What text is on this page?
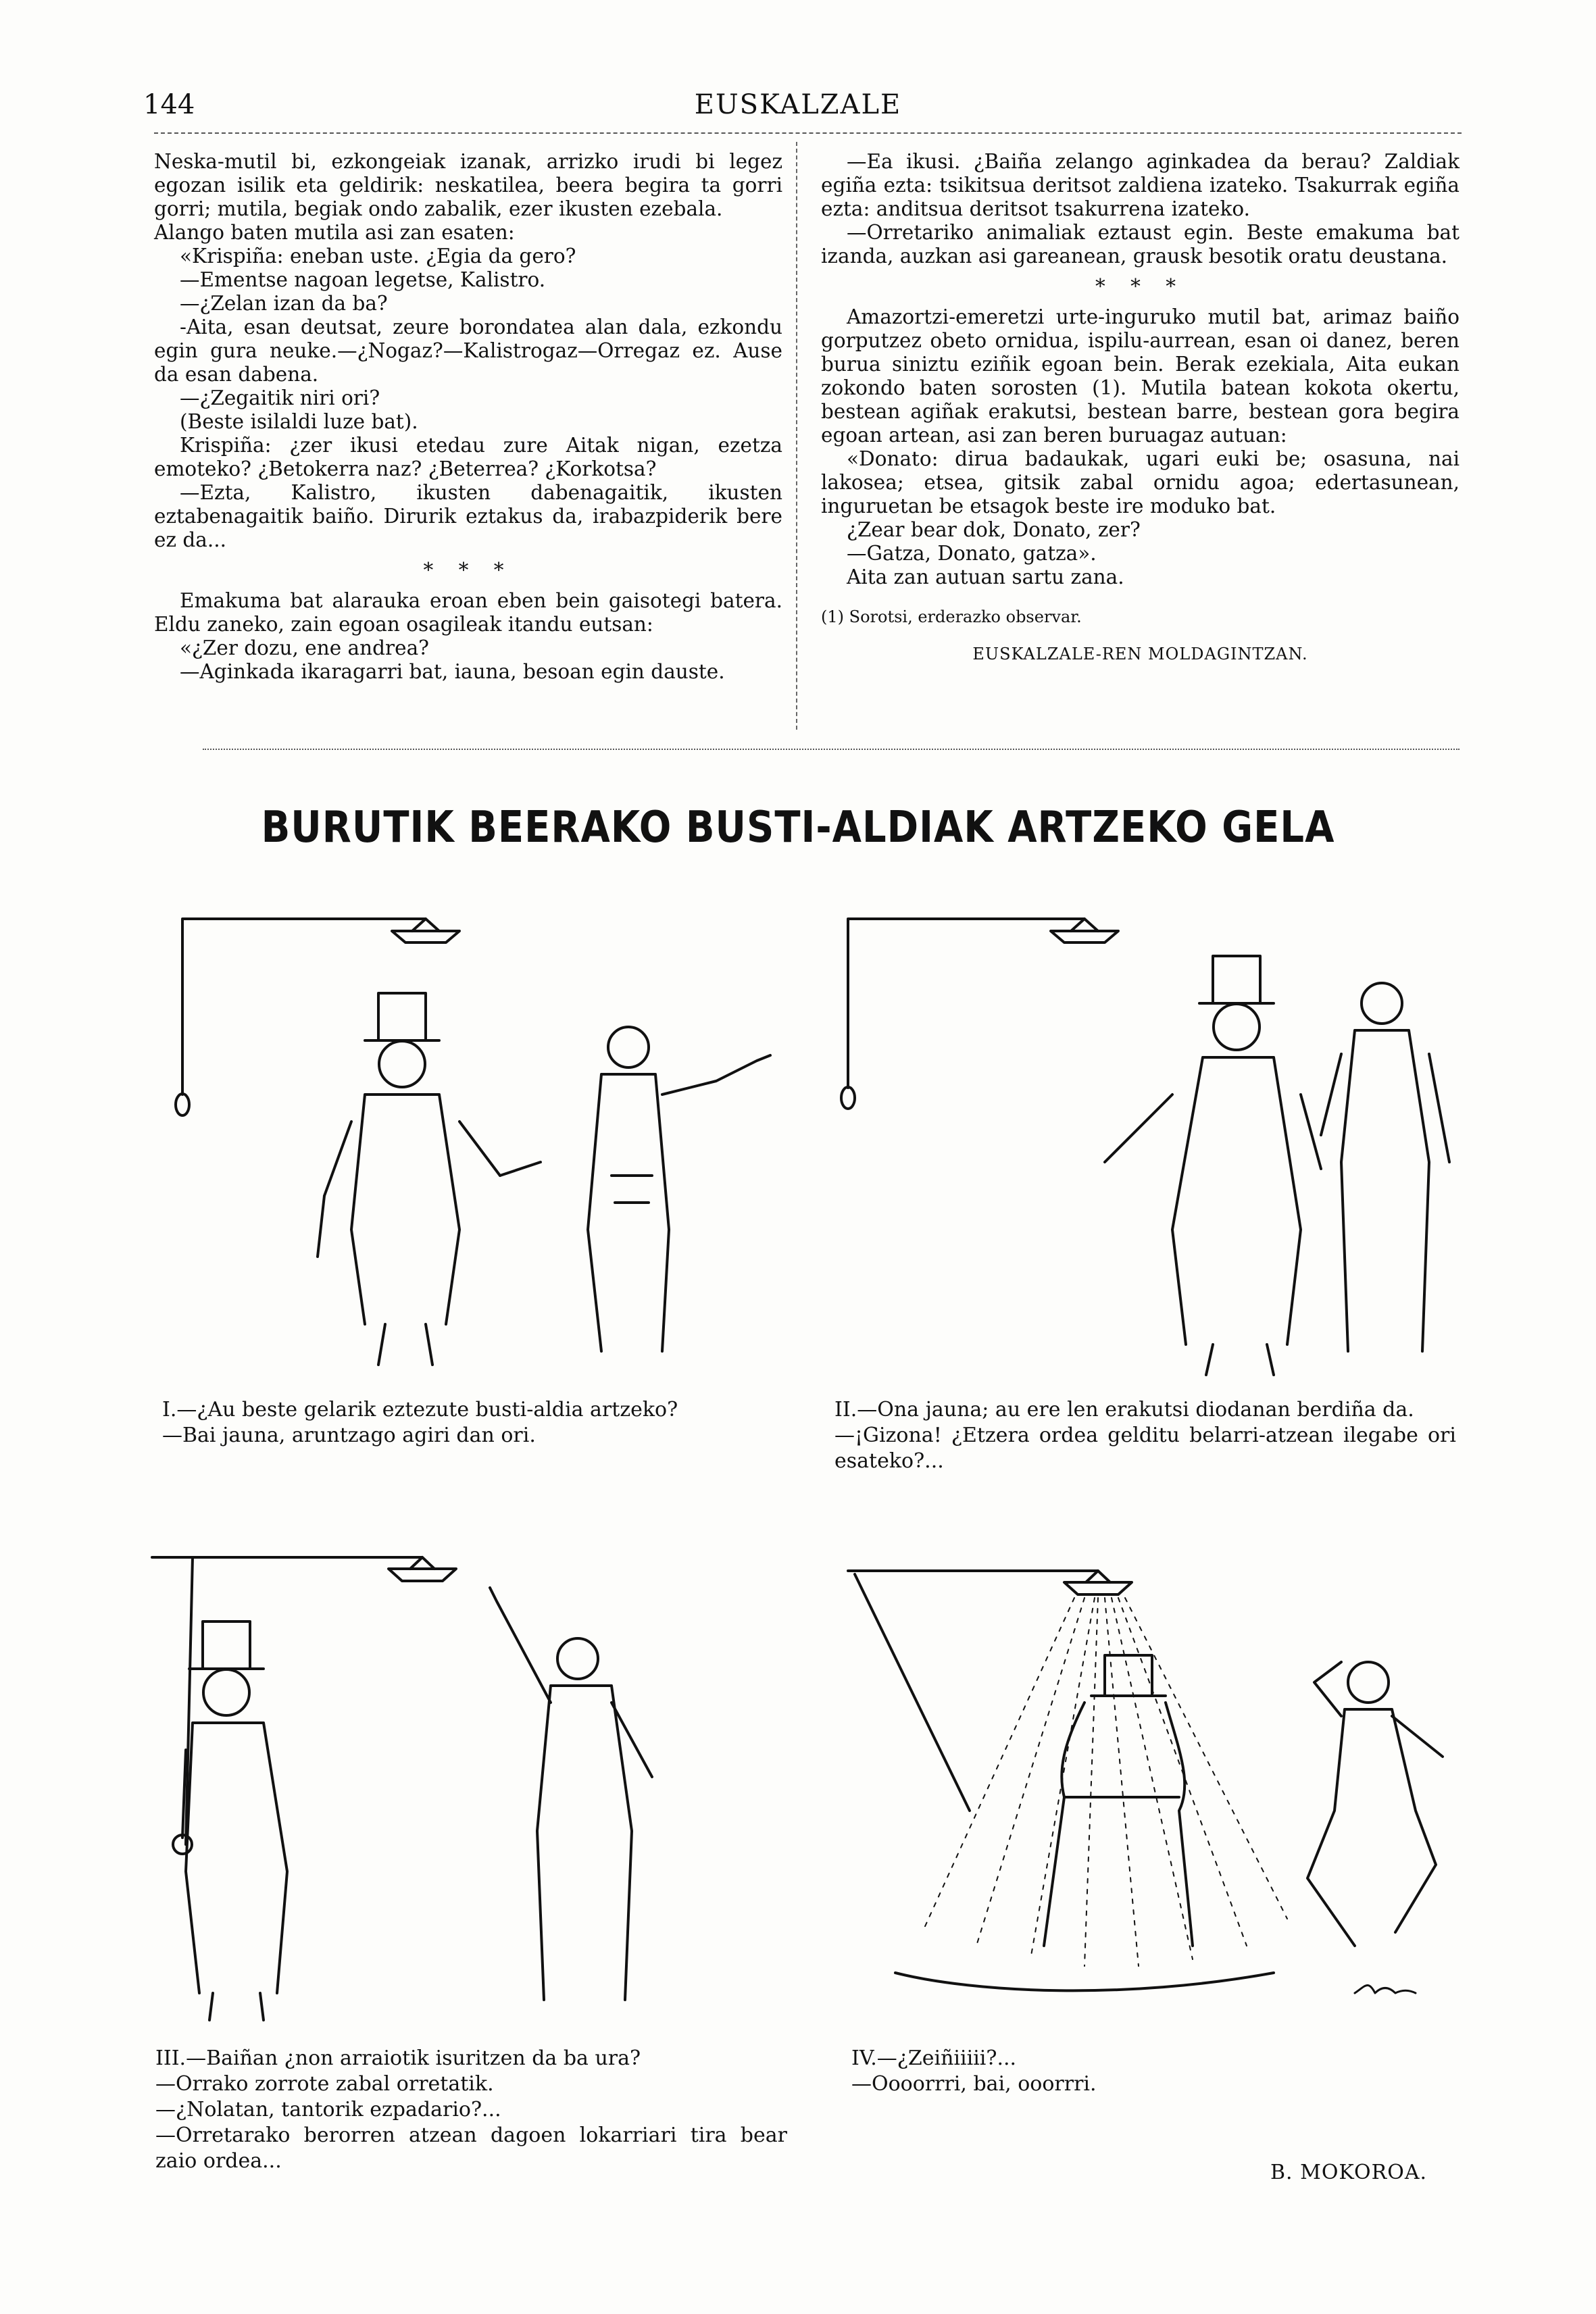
144	EUSKALZALE

Neska-mutil bi, ezkongeiak izanak, arrizko irudi bi legez egozan isilik eta geldirik: neskatilea, beera begira ta gorri gorri; mutila, begiak ondo zabalik, ezer ikusten ezebala.

Alango baten mutila asi zan esaten:

«Krispiña: eneban uste. ¿Egia da gero?

—Ementse nagoan legetse, Kalistro.

—¿Zelan izan da ba?

-Aita, esan deutsat, zeure borondatea alan dala, ezkondu egin gura neuke.—¿Nogaz?—Kalistrogaz—Orregaz ez. Ause da esan dabena.

—¿Zegaitik niri ori?

(Beste isilaldi luze bat).

Krispiña: ¿zer ikusi etedau zure Aitak nigan, ezetza emoteko? ¿Betokerra naz? ¿Beterrea? ¿Korkotsa?

—Ezta, Kalistro, ikusten dabenagaitik, ikusten eztabenagaitik baiño. Dirurik eztakus da, irabazpiderik bere ez da...

* * *

Emakuma bat alarauka eroan eben bein gaisotegi batera. Eldu zaneko, zain egoan osagileak itandu eutsan:

«¿Zer dozu, ene andrea?

—Aginkada ikaragarri bat, iauna, besoan egin dauste.

—Ea ikusi. ¿Baiña zelango aginkadea da berau? Zaldiak egiña ezta: tsikitsua deritsot zaldiena izateko. Tsakurrak egiña ezta: anditsua deritsot tsakurrena izateko.

—Orretariko animaliak eztaust egin. Beste emakuma bat izanda, auzkan asi gareanean, grausk besotik oratu deustana.

* * *

Amazortzi-emeretzi urte-inguruko mutil bat, arimaz baiño gorputzez obeto ornidua, ispilu-aurrean, esan oi danez, beren burua siniztu eziñik egoan bein. Berak ezekiala, Aita eukan zokondo baten sorosten (1). Mutila batean kokota okertu, bestean agiñak erakutsi, bestean barre, bestean gora begira egoan artean, asi zan beren buruagaz autuan:

«Donato: dirua badaukak, ugari euki be; osasuna, nai lakosea; etsea, gitsik zabal ornidu agoa; edertasunean, inguruetan be etsagok beste ire moduko bat.

¿Zear bear dok, Donato, zer?

—Gatza, Donato, gatza».

Aita zan autuan sartu zana.

(1) Sorotsi, erderazko observar.

EUSKALZALE-REN MOLDAGINTZAN.

BURUTIK BEERAKO BUSTI-ALDIAK ARTZEKO GELA

I.—¿Au beste gelarik eztezute busti-aldia artzeko?

—Bai jauna, aruntzago agiri dan ori.

II.—Ona jauna; au ere len erakutsi diodanan berdiña da.

—¡Gizona! ¿Etzera ordea gelditu belarri-atzean ilegabe ori esateko?...

III.—Baiñan ¿non arraiotik isuritzen da ba ura?

—Orrako zorrote zabal orretatik.

—¿Nolatan, tantorik ezpadario?...

—Orretarako berorren atzean dagoen lokarriari tira bear zaio ordea...

IV.—¿Zeiñiiiii?...

—Oooorrri, bai, ooorrri.

B. MOKOROA.
